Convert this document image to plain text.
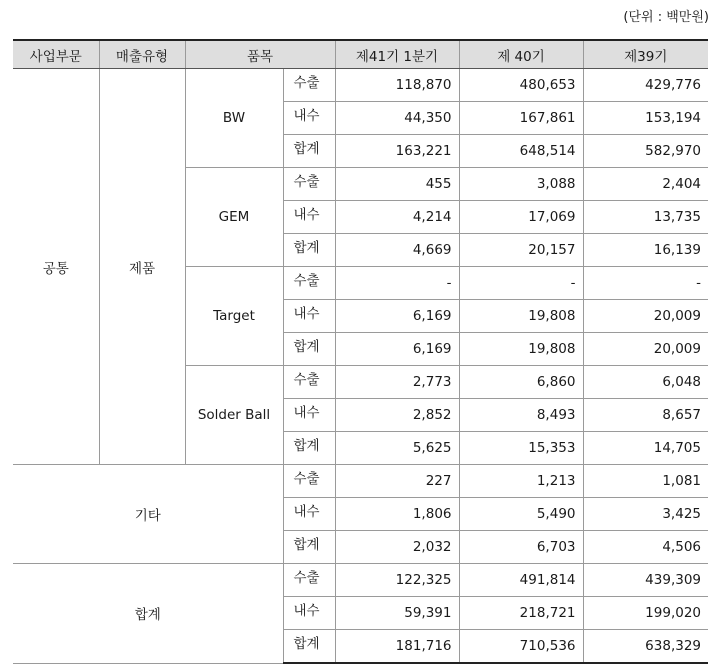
(단위 : 백만원)
사업부문	매출유형	품목		제41기 1분기	제 40기	제39기
공통	제품	BW	수출	118,870	480,653	429,776
			내수	44,350	167,861	153,194
			합계	163,221	648,514	582,970
		GEM	수출	455	3,088	2,404
			내수	4,214	17,069	13,735
			합계	4,669	20,157	16,139
		Target	수출	-	-	-
			내수	6,169	19,808	20,009
			합계	6,169	19,808	20,009
		Solder Ball	수출	2,773	6,860	6,048
			내수	2,852	8,493	8,657
			합계	5,625	15,353	14,705
기타			수출	227	1,213	1,081
			내수	1,806	5,490	3,425
			합계	2,032	6,703	4,506
합계			수출	122,325	491,814	439,309
			내수	59,391	218,721	199,020
			합계	181,716	710,536	638,329
